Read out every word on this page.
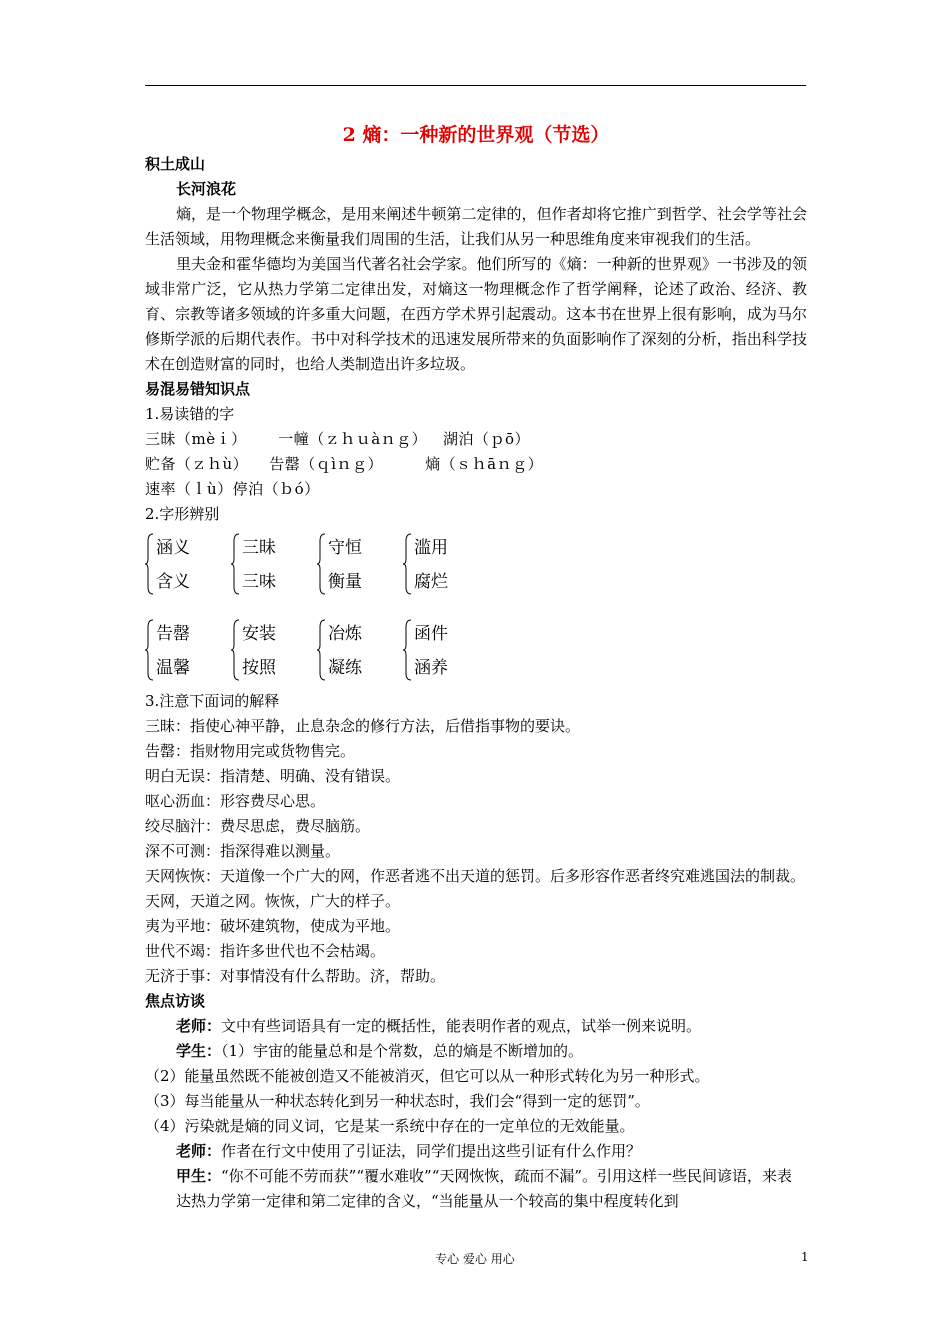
2 熵：一种新的世界观（节选）
积土成山
长河浪花

熵，是一个物理学概念，是用来阐述牛顿第二定律的，但作者却将它推广到哲学、社会学等社会生活领域，用物理概念来衡量我们周围的生活，让我们从另一种思维角度来审视我们的生活。

里夫金和霍华德均为美国当代著名社会学家。他们所写的《熵：一种新的世界观》一书涉及的领域非常广泛，它从热力学第二定律出发，对熵这一物理概念作了哲学阐释，论述了政治、经济、教育、宗教等诸多领域的许多重大问题，在西方学术界引起震动。这本书在世界上很有影响，成为马尔修斯学派的后期代表作。书中对科学技术的迅速发展所带来的负面影响作了深刻的分析，指出科学技术在创造财富的同时，也给人类制造出许多垃圾。

易混易错知识点
1.易读错的字
三昧（mèｉ）      一幢（ｚｈｕàｎｇ）   湖泊（ｐō）
贮备（ｚｈù）    告罄（ｑìｎｇ）        熵（ｓｈāｎｇ）
速率（ｌù）停泊（ｂó）
2.字形辨别
涵义
含义
三昧
三味
守恒
衡量
滥用
腐烂
告罄
温馨
安装
按照
冶炼
凝练
函件
涵养
3.注意下面词的解释
三昧：指使心神平静，止息杂念的修行方法，后借指事物的要诀。
告罄：指财物用完或货物售完。
明白无误：指清楚、明确、没有错误。
呕心沥血：形容费尽心思。
绞尽脑汁：费尽思虑，费尽脑筋。
深不可测：指深得难以测量。
天网恢恢：天道像一个广大的网，作恶者逃不出天道的惩罚。后多形容作恶者终究难逃国法的制裁。天网，天道之网。恢恢，广大的样子。
夷为平地：破坏建筑物，使成为平地。
世代不竭：指许多世代也不会枯竭。
无济于事：对事情没有什么帮助。济，帮助。
焦点访谈
老师：文中有些词语具有一定的概括性，能表明作者的观点，试举一例来说明。
学生：（1）宇宙的能量总和是个常数，总的熵是不断增加的。
（2）能量虽然既不能被创造又不能被消灭，但它可以从一种形式转化为另一种形式。
（3）每当能量从一种状态转化到另一种状态时，我们会“得到一定的惩罚”。
（4）污染就是熵的同义词，它是某一系统中存在的一定单位的无效能量。
老师：作者在行文中使用了引证法，同学们提出这些引证有什么作用？
甲生：“你不可能不劳而获”“覆水难收”“天网恢恢，疏而不漏”。引用这样一些民间谚语，来表达热力学第一定律和第二定律的含义，“当能量从一个较高的集中程度转化到
专心 爱心 用心	1
